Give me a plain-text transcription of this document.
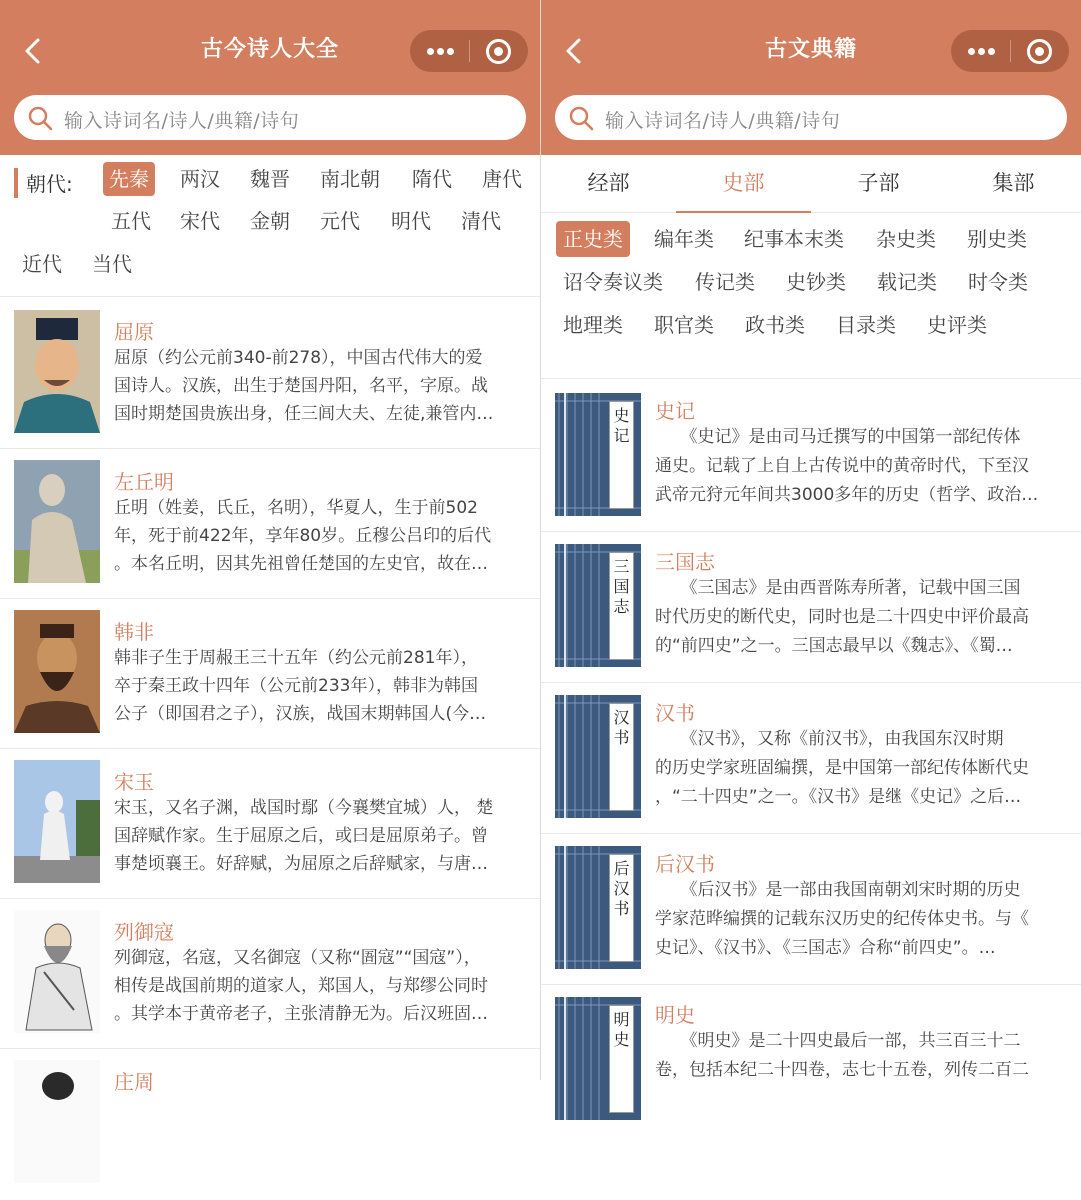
古今诗人大全
输入诗词名/诗人/典籍/诗句
朝代:	先秦	两汉	魏晋	南北朝	隋代	唐代
五代	宋代	金朝	元代	明代	清代
近代	当代
屈原
屈原（约公元前340-前278），中国古代伟大的爱
国诗人。汉族，出生于楚国丹阳，名平，字原。战
国时期楚国贵族出身，任三闾大夫、左徒,兼管内…
左丘明
丘明（姓姜，氏丘，名明），华夏人，生于前502
年，死于前422年，享年80岁。丘穆公吕印的后代
。本名丘明，因其先祖曾任楚国的左史官，故在…
韩非
韩非子生于周赧王三十五年（约公元前281年），
卒于秦王政十四年（公元前233年），韩非为韩国
公子（即国君之子），汉族，战国末期韩国人(今…
宋玉
宋玉，又名子渊，战国时鄢（今襄樊宜城）人， 楚
国辞赋作家。生于屈原之后，或曰是屈原弟子。曾
事楚顷襄王。好辞赋，为屈原之后辞赋家，与唐…
列御寇
列御寇，名寇，又名御寇（又称“圄寇”“国寇”），
相传是战国前期的道家人，郑国人，与郑缪公同时
。其学本于黄帝老子，主张清静无为。后汉班固…
庄周
古文典籍
输入诗词名/诗人/典籍/诗句
经部	史部	子部	集部
正史类	编年类	纪事本末类	杂史类	别史类
诏令奏议类	传记类	史钞类	载记类	时令类
地理类	职官类	政书类	目录类	史评类
史
记
史记
　　《史记》是由司马迁撰写的中国第一部纪传体
通史。记载了上自上古传说中的黄帝时代，下至汉
武帝元狩元年间共3000多年的历史（哲学、政治…
三
国
志
三国志
　　《三国志》是由西晋陈寿所著，记载中国三国
时代历史的断代史，同时也是二十四史中评价最高
的“前四史”之一。三国志最早以《魏志》、《蜀…
汉
书
汉书
　　《汉书》，又称《前汉书》，由我国东汉时期
的历史学家班固编撰，是中国第一部纪传体断代史
，“二十四史”之一。《汉书》是继《史记》之后…
后
汉
书
后汉书
　　《后汉书》是一部由我国南朝刘宋时期的历史
学家范晔编撰的记载东汉历史的纪传体史书。与《
史记》、《汉书》、《三国志》合称“前四史”。…
明
史
明史
　　《明史》是二十四史最后一部，共三百三十二
卷，包括本纪二十四卷，志七十五卷，列传二百二
